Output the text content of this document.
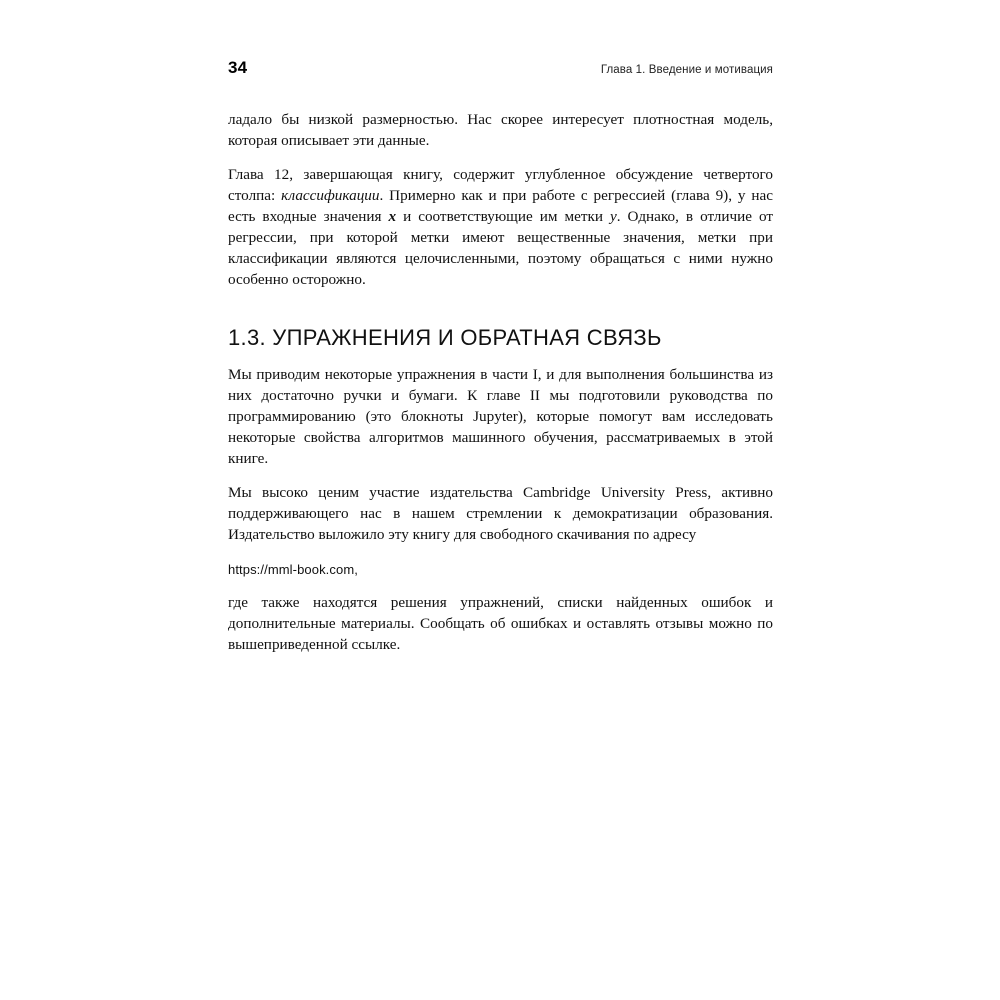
34	Глава 1. Введение и мотивация

ладало бы низкой размерностью. Нас скорее интересует плотностная модель, которая описывает эти данные.

Глава 12, завершающая книгу, содержит углубленное обсуждение четвертого столпа: классификации. Примерно как и при работе с регрессией (глава 9), у нас есть входные значения x и соответствующие им метки y. Однако, в отличие от регрессии, при которой метки имеют вещественные значения, метки при классификации являются целочисленными, поэтому обращаться с ними нужно особенно осторожно.

1.3. УПРАЖНЕНИЯ И ОБРАТНАЯ СВЯЗЬ

Мы приводим некоторые упражнения в части I, и для выполнения большинства из них достаточно ручки и бумаги. К главе II мы подготовили руководства по программированию (это блокноты Jupyter), которые помогут вам исследовать некоторые свойства алгоритмов машинного обучения, рассматриваемых в этой книге.

Мы высоко ценим участие издательства Cambridge University Press, активно поддерживающего нас в нашем стремлении к демократизации образования. Издательство выложило эту книгу для свободного скачивания по адресу

https://mml-book.com,

где также находятся решения упражнений, списки найденных ошибок и дополнительные материалы. Сообщать об ошибках и оставлять отзывы можно по вышеприведенной ссылке.
